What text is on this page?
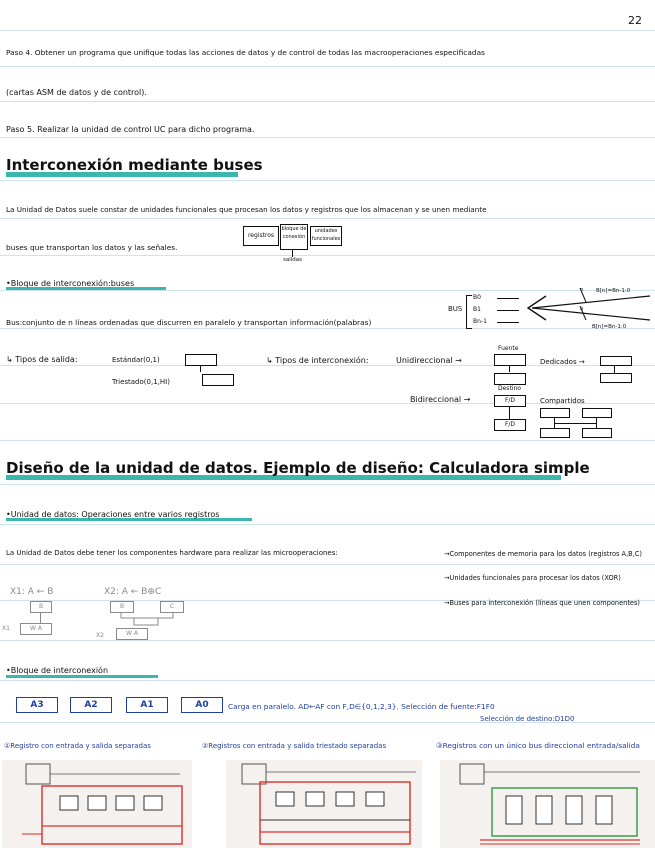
22
Paso 4. Obtener un programa que unifique todas las acciones de datos y de control de todas las macrooperaciones especificadas
(cartas ASM de datos y de control).
Paso 5. Realizar la unidad de control UC para dicho programa.
Interconexión mediante buses
La Unidad de Datos suele constar de unidades funcionales que procesan los datos y registros que los almacenan y se unen mediante
buses que transportan los datos y las señales.
registros
bloque de conexión
unidades funcionales
salidas
•Bloque de interconexión:buses
Bus:conjunto de n líneas ordenadas que discurren en paralelo y transportan información(palabras)
BUS
B0
B1
Bn-1
n B[n]=Bn-1:0
n
B[n]=Bn-1:0
↳ Tipos de salida:	Estándar(0,1)
Triestado(0,1,HI)
↳ Tipos de interconexión:	Unidireccional →
Fuente
Destino
Dedicados →
Bidireccional →	F/D
F/D
Compartidos
Diseño de la unidad de datos. Ejemplo de diseño: Calculadora simple
•Unidad de datos: Operaciones entre varios registros
La Unidad de Datos debe tener los componentes hardware para realizar las microoperaciones:	→Componentes de memoria para los datos (registros A,B,C)
→Unidades funcionales para procesar los datos (XOR)
→Buses para interconexión (líneas que unen componentes)
X1: A ← B
B
W A
X1
X2: A ← B⊕C
B	C
W A
X2
•Bloque de interconexión
A3	A2	A1	A0	Carga en paralelo. AD←AF con F,D∈{0,1,2,3}. Selección de fuente:F1F0
Selección de destino:D1D0
①Registro con entrada y salida separadas	②Registros con entrada y salida triestado separadas	③Registros con un único bus direccional entrada/salida
